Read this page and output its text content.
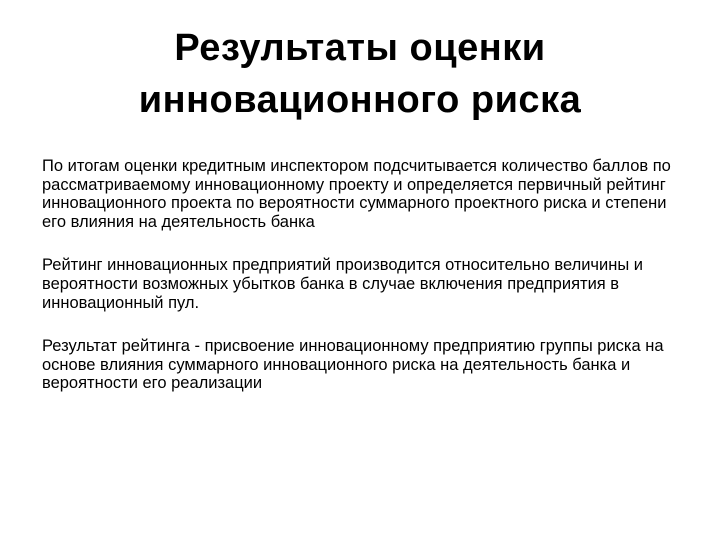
Результаты оценки
инновационного риска

По итогам оценки кредитным инспектором подсчитывается количество баллов по рассматриваемому инновационному проекту и определяется первичный рейтинг инновационного проекта по вероятности суммарного проектного риска и степени его влияния на деятельность банка

Рейтинг инновационных предприятий производится относительно величины и вероятности возможных убытков банка в случае включения предприятия в инновационный пул.

Результат рейтинга - присвоение инновационному предприятию группы риска на основе влияния суммарного инновационного риска на деятельность банка и вероятности его реализации
